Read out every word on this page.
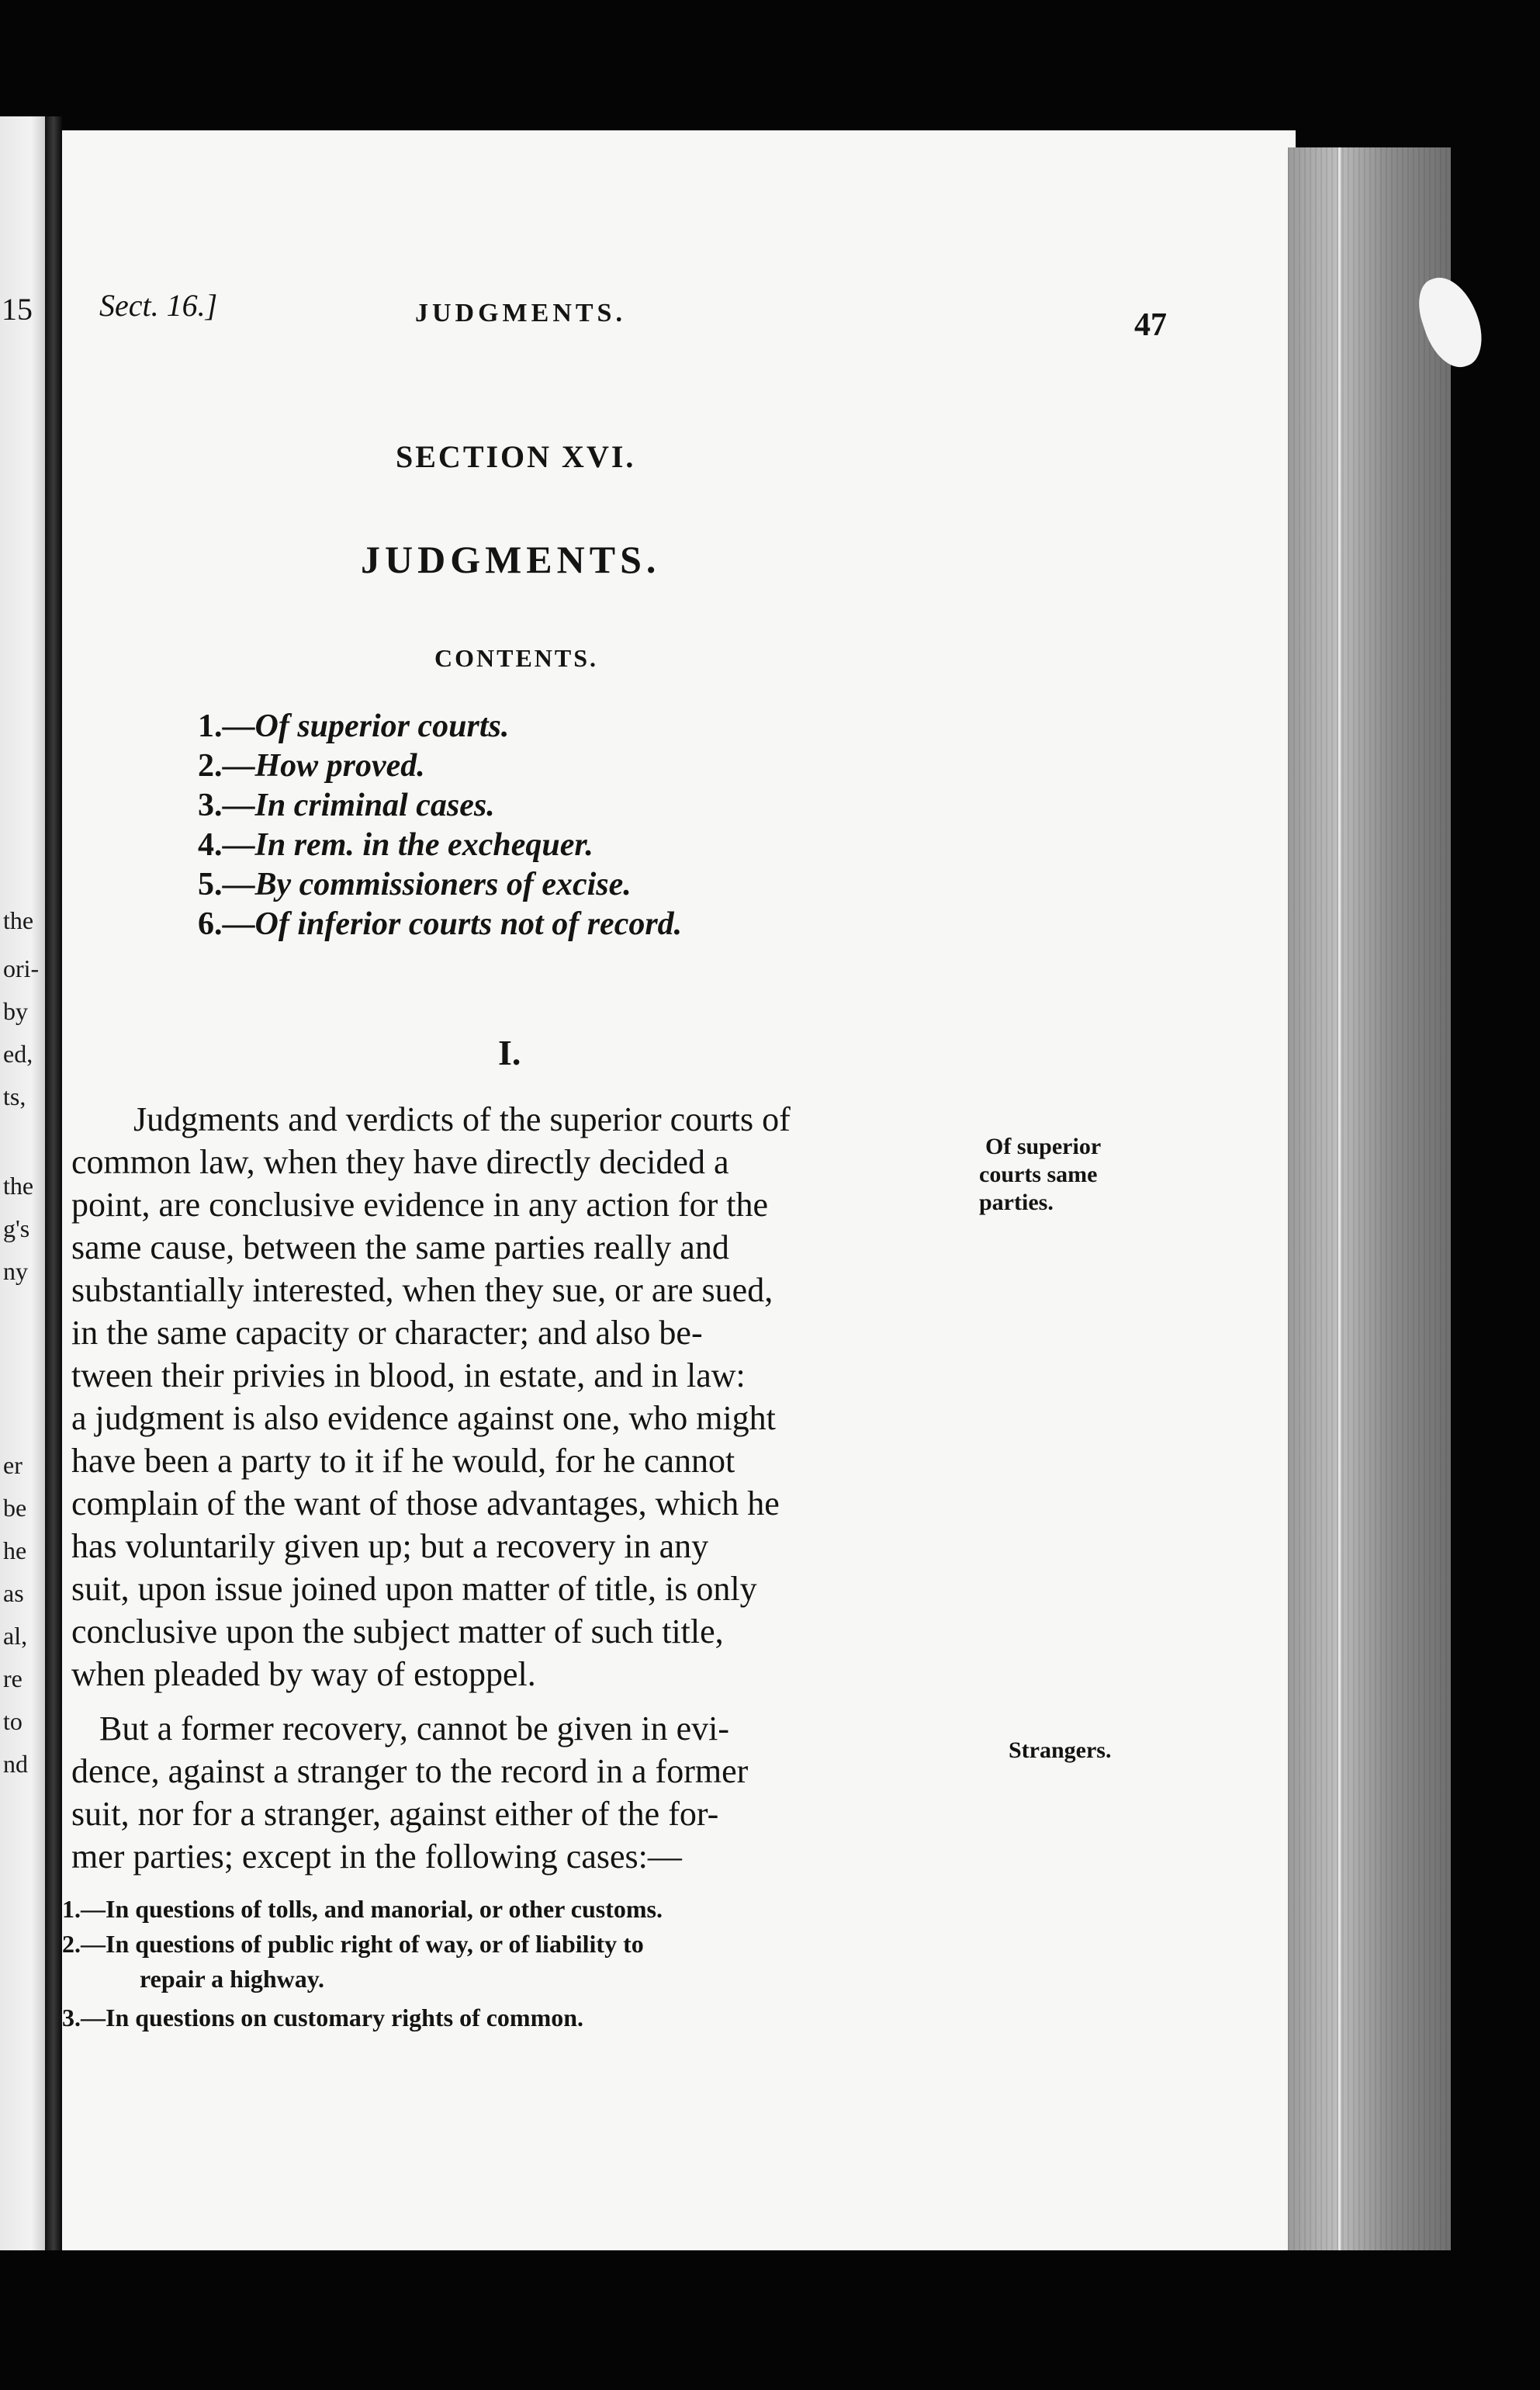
15

the
ori-
by
ed,
ts,
the
g's
ny
er
be
he
as
al,
re
to
nd

Sect. 16.]	JUDGMENTS.	47

SECTION XVI.

JUDGMENTS.

CONTENTS.

1.—Of superior courts.
2.—How proved.
3.—In criminal cases.
4.—In rem. in the exchequer.
5.—By commissioners of excise.
6.—Of inferior courts not of record.

I.

Judgments and verdicts of the superior courts of

common law, when they have directly decided a

point, are conclusive evidence in any action for the

same cause, between the same parties really and

substantially interested, when they sue, or are sued,

in the same capacity or character; and also be-

tween their privies in blood, in estate, and in law:

a judgment is also evidence against one, who might

have been a party to it if he would, for he cannot

complain of the want of those advantages, which he

has voluntarily given up; but a recovery in any

suit, upon issue joined upon matter of title, is only

conclusive upon the subject matter of such title,

when pleaded by way of estoppel.

But a former recovery, cannot be given in evi-

dence, against a stranger to the record in a former

suit, nor for a stranger, against either of the for-

mer parties; except in the following cases:—

Of superior

courts same

parties.

Strangers.

1.—In questions of tolls, and manorial, or other customs.

2.—In questions of public right of way, or of liability to

repair a highway.

3.—In questions on customary rights of common.
